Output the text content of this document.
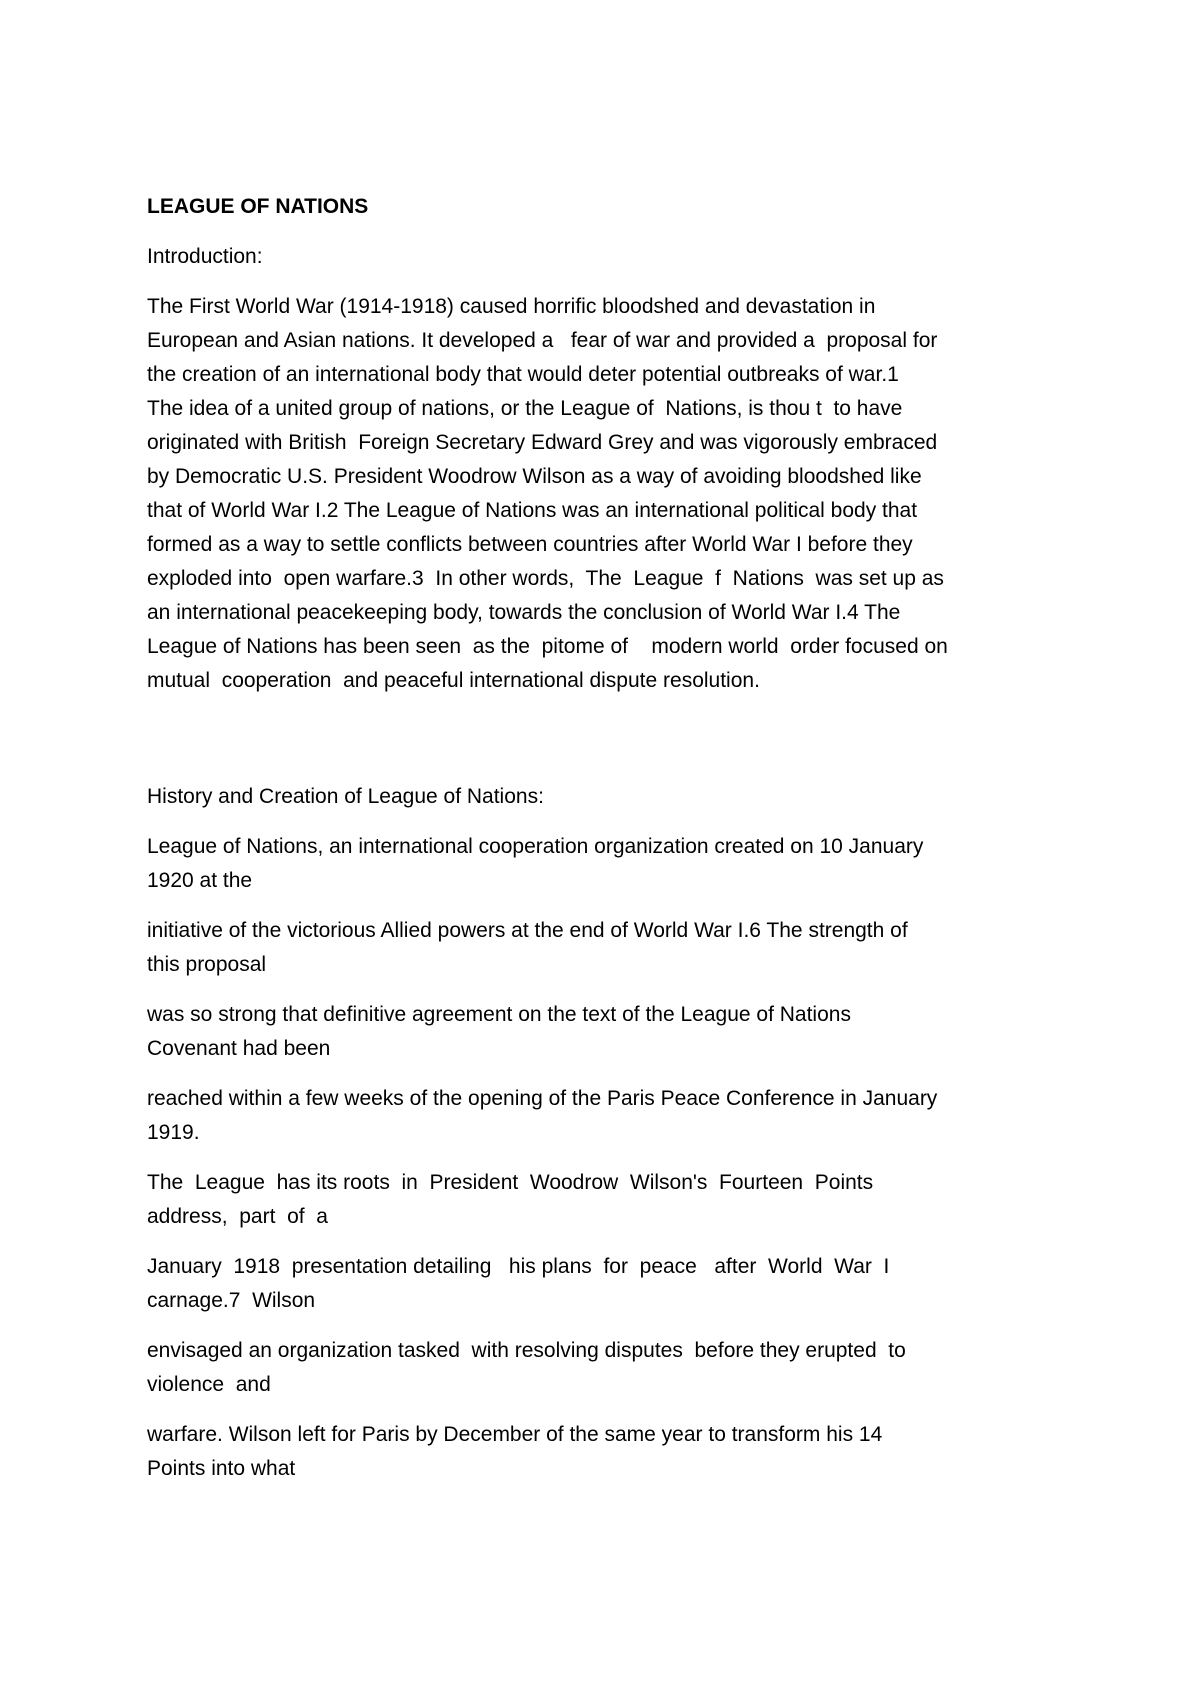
LEAGUE OF NATIONS
Introduction:
The First World War (1914-1918) caused horrific bloodshed and devastation in
European and Asian nations. It developed a   fear of war and provided a  proposal for
the creation of an international body that would deter potential outbreaks of war.1
The idea of a united group of nations, or the League of  Nations, is thou t  to have
originated with British  Foreign Secretary Edward Grey and was vigorously embraced
by Democratic U.S. President Woodrow Wilson as a way of avoiding bloodshed like
that of World War I.2 The League of Nations was an international political body that
formed as a way to settle conflicts between countries after World War I before they
exploded into  open warfare.3  In other words,  The  League  f  Nations  was set up as
an international peacekeeping body, towards the conclusion of World War I.4 The
League of Nations has been seen  as the  pitome of    modern world  order focused on
mutual  cooperation  and peaceful international dispute resolution.
History and Creation of League of Nations:
League of Nations, an international cooperation organization created on 10 January
1920 at the
initiative of the victorious Allied powers at the end of World War I.6 The strength of
this proposal
was so strong that definitive agreement on the text of the League of Nations
Covenant had been
reached within a few weeks of the opening of the Paris Peace Conference in January
1919.
The  League  has its roots  in  President  Woodrow  Wilson's  Fourteen  Points
address,  part  of  a
January  1918  presentation detailing   his plans  for  peace   after  World  War  I
carnage.7  Wilson
envisaged an organization tasked  with resolving disputes  before they erupted  to
violence  and
warfare. Wilson left for Paris by December of the same year to transform his 14
Points into what
